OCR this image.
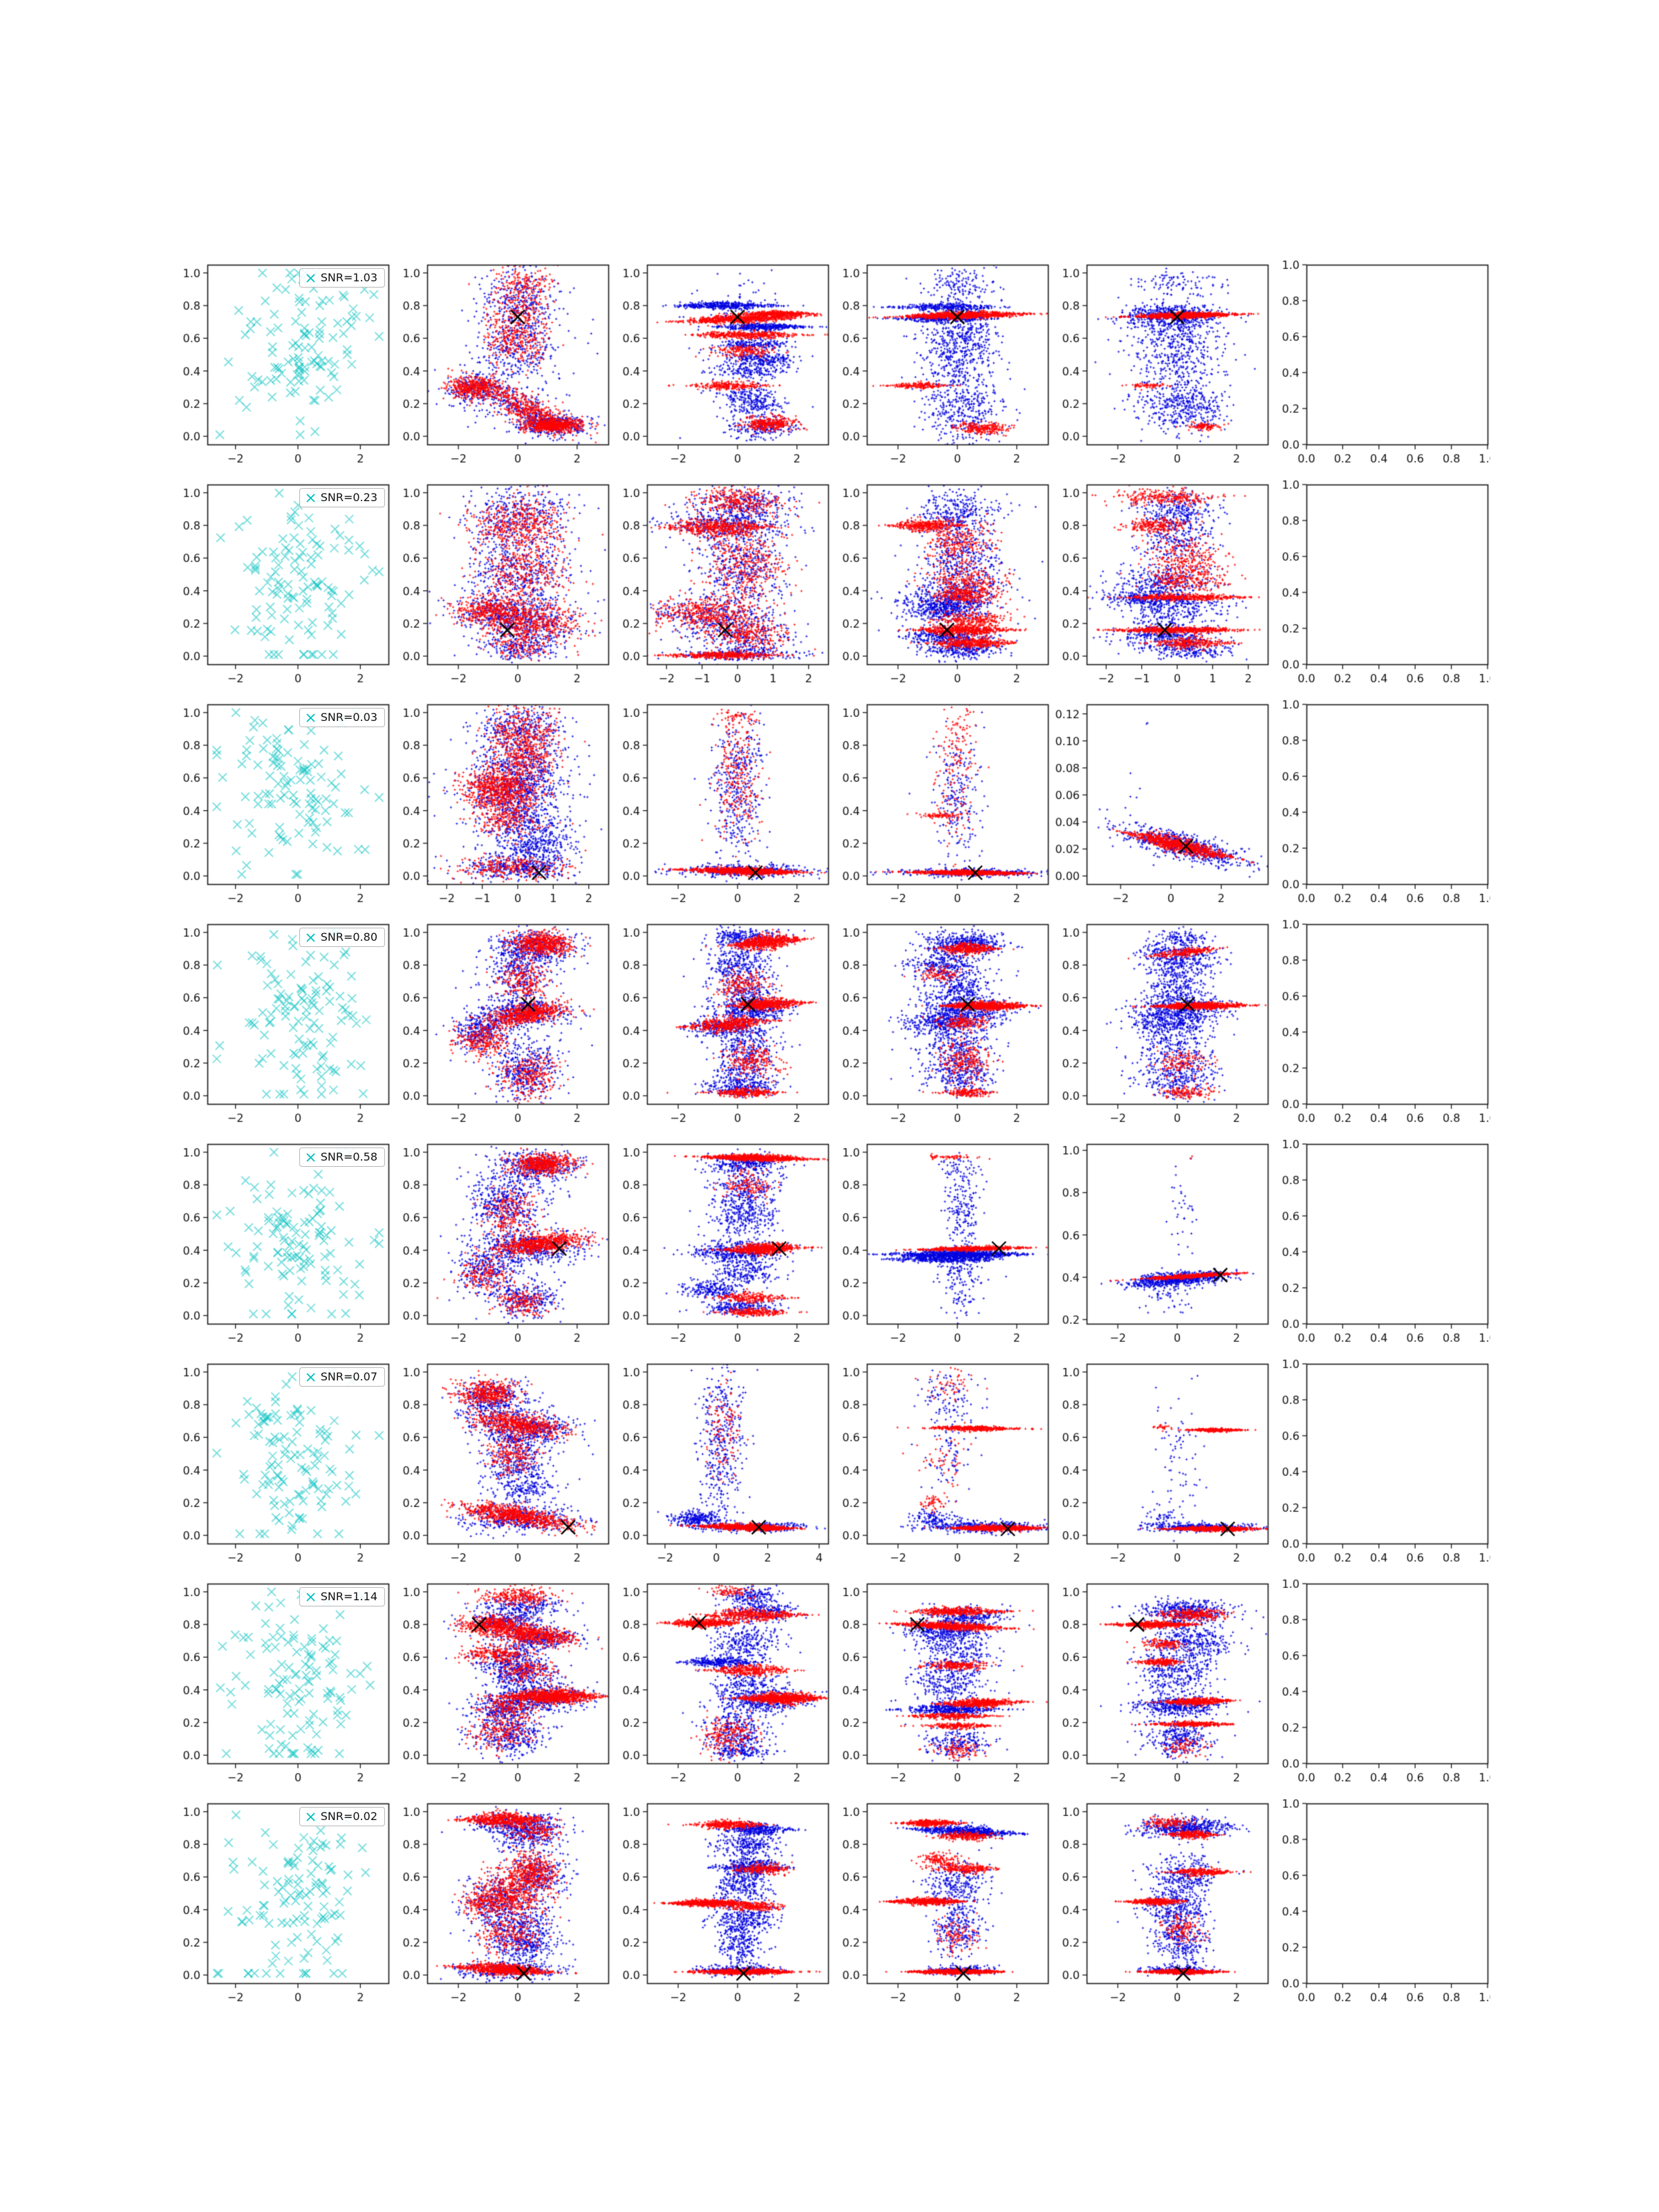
SNR=1.03
SNR=0.23
SNR=0.03
SNR=0.80
SNR=0.58
SNR=0.07
SNR=1.14
SNR=0.02
